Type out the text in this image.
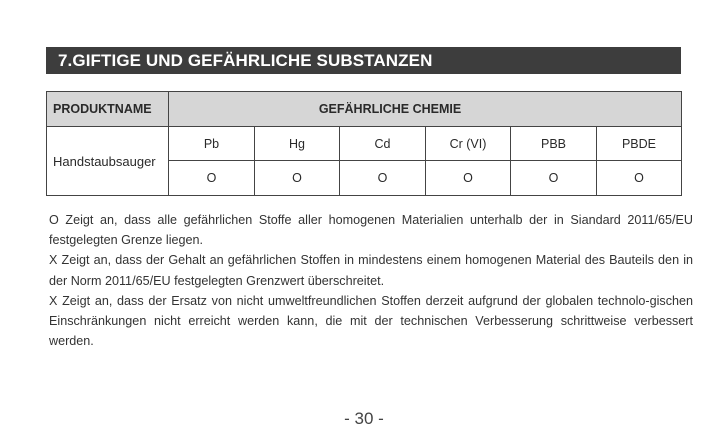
7.GIFTIGE UND GEFÄHRLICHE SUBSTANZEN
PRODUKTNAME	GEFÄHRLICHE CHEMIE					
Handstaubsauger	Pb	Hg	Cd	Cr (VI)	PBB	PBDE
	O	O	O	O	O	O

O Zeigt an, dass alle gefährlichen Stoffe aller homogenen Materialien unterhalb der in Siandard 2011/65/EU festgelegten Grenze liegen.

X Zeigt an, dass der Gehalt an gefährlichen Stoffen in mindestens einem homogenen Material des Bauteils den in der Norm 2011/65/EU festgelegten Grenzwert überschreitet.

X Zeigt an, dass der Ersatz von nicht umweltfreundlichen Stoffen derzeit aufgrund der globalen technolo-gischen Einschränkungen nicht erreicht werden kann, die mit der technischen Verbesserung schrittweise verbessert werden.

- 30 -
